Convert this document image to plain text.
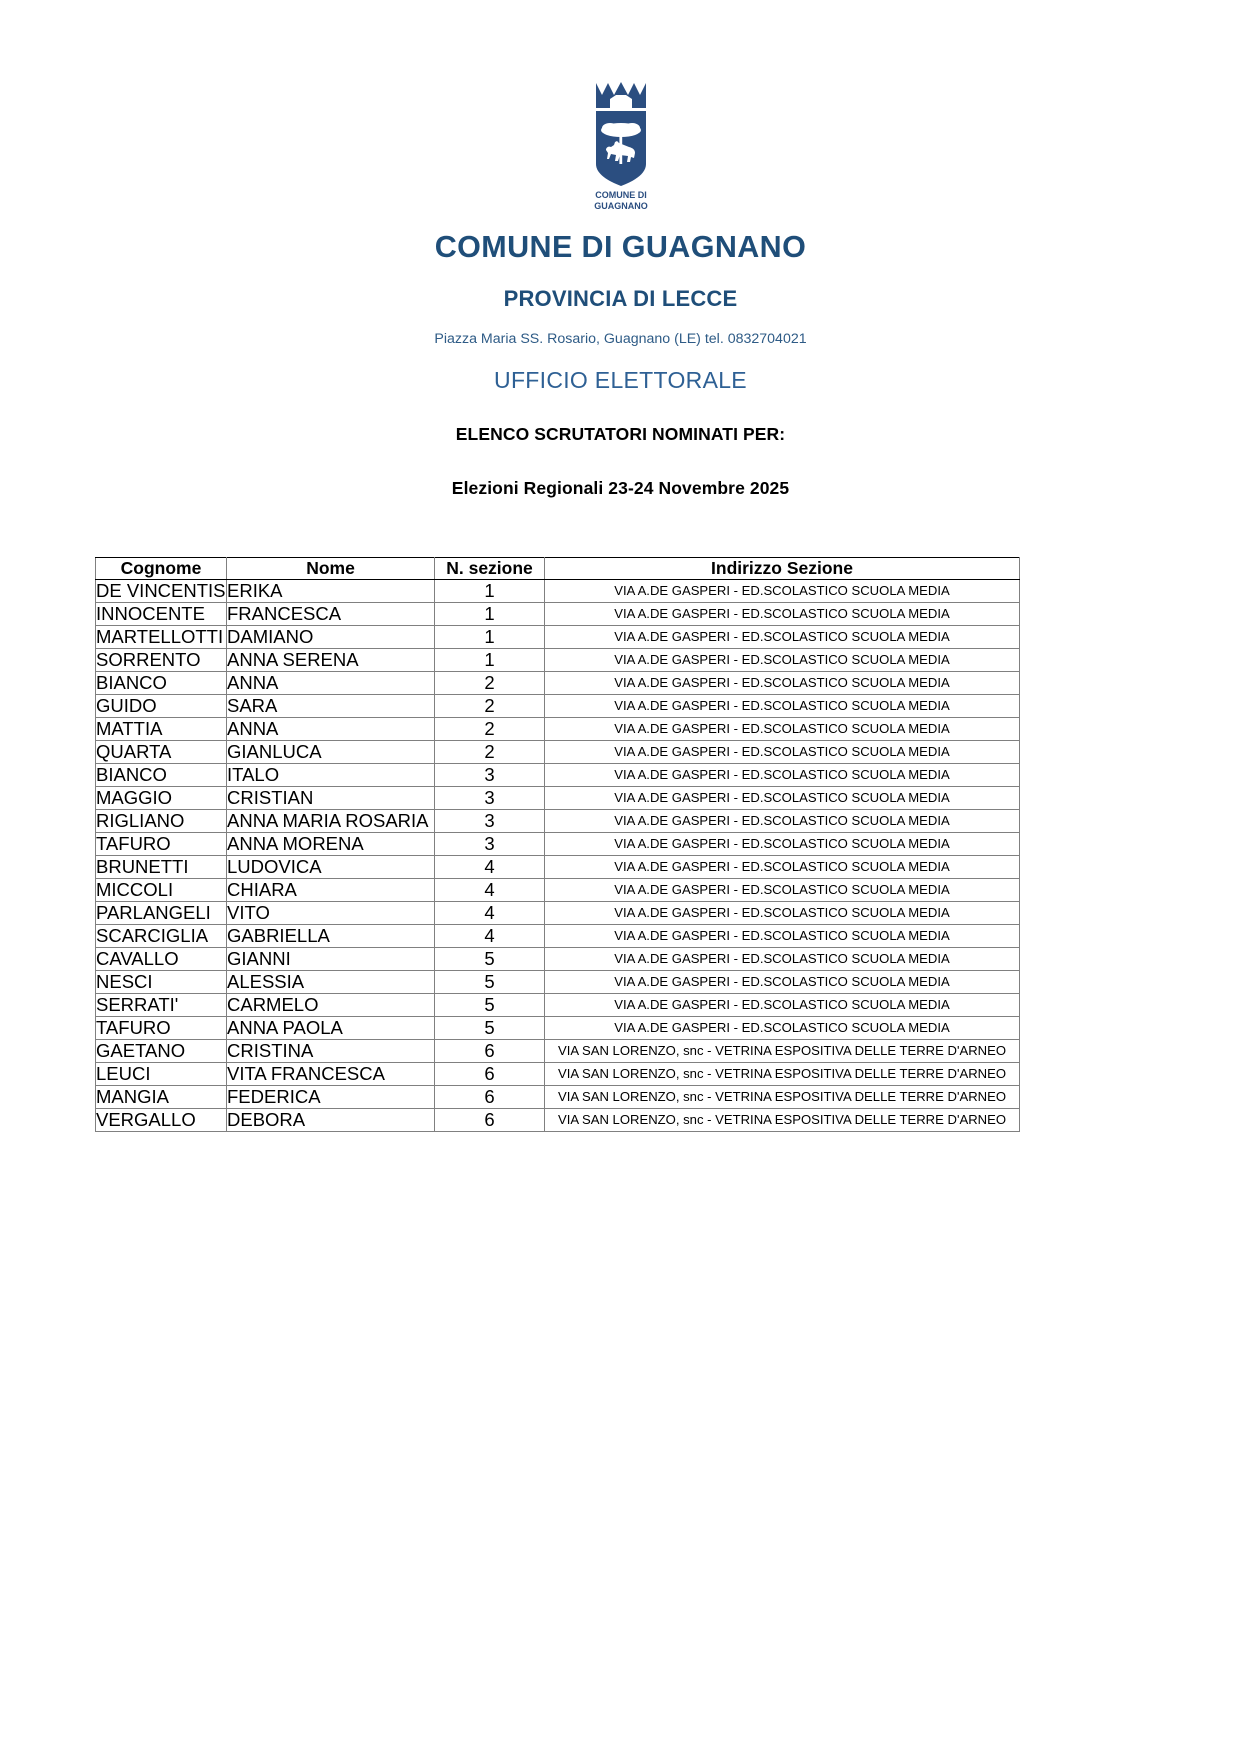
COMUNE DI
GUAGNANO
COMUNE DI GUAGNANO
PROVINCIA DI LECCE
Piazza Maria SS. Rosario, Guagnano (LE) tel. 0832704021
UFFICIO ELETTORALE
ELENCO SCRUTATORI NOMINATI PER:
Elezioni Regionali 23-24 Novembre 2025
Cognome	Nome	N. sezione	Indirizzo Sezione
DE VINCENTIS	ERIKA	1	VIA A.DE GASPERI - ED.SCOLASTICO SCUOLA MEDIA
INNOCENTE	FRANCESCA	1	VIA A.DE GASPERI - ED.SCOLASTICO SCUOLA MEDIA
MARTELLOTTI	DAMIANO	1	VIA A.DE GASPERI - ED.SCOLASTICO SCUOLA MEDIA
SORRENTO	ANNA SERENA	1	VIA A.DE GASPERI - ED.SCOLASTICO SCUOLA MEDIA
BIANCO	ANNA	2	VIA A.DE GASPERI - ED.SCOLASTICO SCUOLA MEDIA
GUIDO	SARA	2	VIA A.DE GASPERI - ED.SCOLASTICO SCUOLA MEDIA
MATTIA	ANNA	2	VIA A.DE GASPERI - ED.SCOLASTICO SCUOLA MEDIA
QUARTA	GIANLUCA	2	VIA A.DE GASPERI - ED.SCOLASTICO SCUOLA MEDIA
BIANCO	ITALO	3	VIA A.DE GASPERI - ED.SCOLASTICO SCUOLA MEDIA
MAGGIO	CRISTIAN	3	VIA A.DE GASPERI - ED.SCOLASTICO SCUOLA MEDIA
RIGLIANO	ANNA MARIA ROSARIA	3	VIA A.DE GASPERI - ED.SCOLASTICO SCUOLA MEDIA
TAFURO	ANNA MORENA	3	VIA A.DE GASPERI - ED.SCOLASTICO SCUOLA MEDIA
BRUNETTI	LUDOVICA	4	VIA A.DE GASPERI - ED.SCOLASTICO SCUOLA MEDIA
MICCOLI	CHIARA	4	VIA A.DE GASPERI - ED.SCOLASTICO SCUOLA MEDIA
PARLANGELI	VITO	4	VIA A.DE GASPERI - ED.SCOLASTICO SCUOLA MEDIA
SCARCIGLIA	GABRIELLA	4	VIA A.DE GASPERI - ED.SCOLASTICO SCUOLA MEDIA
CAVALLO	GIANNI	5	VIA A.DE GASPERI - ED.SCOLASTICO SCUOLA MEDIA
NESCI	ALESSIA	5	VIA A.DE GASPERI - ED.SCOLASTICO SCUOLA MEDIA
SERRATI'	CARMELO	5	VIA A.DE GASPERI - ED.SCOLASTICO SCUOLA MEDIA
TAFURO	ANNA PAOLA	5	VIA A.DE GASPERI - ED.SCOLASTICO SCUOLA MEDIA
GAETANO	CRISTINA	6	VIA SAN LORENZO, snc - VETRINA ESPOSITIVA DELLE TERRE D'ARNEO
LEUCI	VITA FRANCESCA	6	VIA SAN LORENZO, snc - VETRINA ESPOSITIVA DELLE TERRE D'ARNEO
MANGIA	FEDERICA	6	VIA SAN LORENZO, snc - VETRINA ESPOSITIVA DELLE TERRE D'ARNEO
VERGALLO	DEBORA	6	VIA SAN LORENZO, snc - VETRINA ESPOSITIVA DELLE TERRE D'ARNEO
